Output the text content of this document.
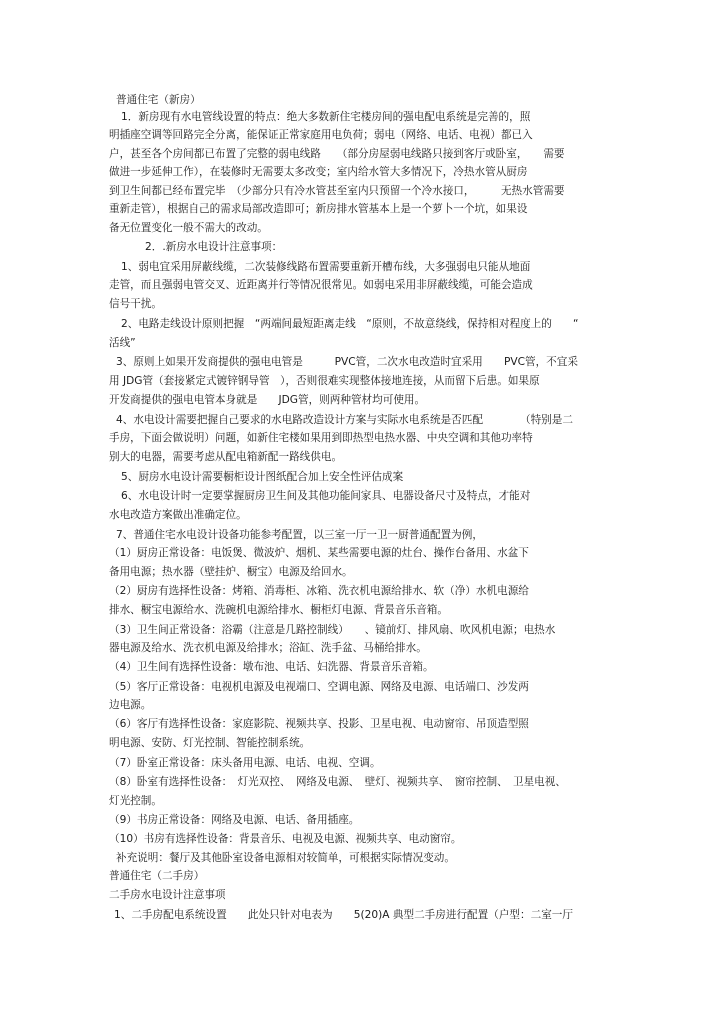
普通住宅（新房）
1．新房现有水电管线设置的特点：绝大多数新住宅楼房间的强电配电系统是完善的，照
明插座空调等回路完全分离，能保证正常家庭用电负荷；弱电（网络、电话、电视）都已入
户，甚至各个房间都已布置了完整的弱电线路　　（部分房屋弱电线路只接到客厅或卧室，　　需要
做进一步延伸工作），在装修时无需要太多改变；室内给水管大多情况下，冷热水管从厨房
到卫生间都已经布置完毕　（少部分只有冷水管甚至室内只预留一个冷水接口，　　　无热水管需要
重新走管），根据自己的需求局部改造即可；新房排水管基本上是一个萝卜一个坑，如果设
备无位置变化一般不需大的改动。
2．.新房水电设计注意事项：
1、弱电宜采用屏蔽线缆，二次装修线路布置需要重新开槽布线，大多强弱电只能从地面
走管，而且强弱电管交叉、近距离并行等情况很常见。如弱电采用非屏蔽线缆，可能会造成
信号干扰。
2、电路走线设计原则把握　“两端间最短距离走线　“原则，不故意绕线，保持相对程度上的　　“
活线”
3、原则上如果开发商提供的强电电管是　　　PVC管，二次水电改造时宜采用　　PVC管，不宜采
用 JDG管（套接紧定式镀锌钢导管　），否则很难实现整体接地连接，从而留下后患。如果原
开发商提供的强电电管本身就是　　JDG管，则两种管材均可使用。
4、水电设计需要把握自己要求的水电路改造设计方案与实际水电系统是否匹配　　　　（特别是二
手房，下面会做说明）问题，如新住宅楼如果用到即热型电热水器、中央空调和其他功率特
别大的电器，需要考虑从配电箱新配一路线供电。
5、厨房水电设计需要橱柜设计图纸配合加上安全性评估成案
6、水电设计时一定要掌握厨房卫生间及其他功能间家具、电器设备尺寸及特点，才能对
水电改造方案做出准确定位。
7、普通住宅水电设计设备功能参考配置，以三室一厅一卫一厨普通配置为例，
（1）厨房正常设备：电饭煲、微波炉、烟机、某些需要电源的灶台、操作台备用、水盆下
备用电源；热水器（壁挂炉、橱宝）电源及给回水。
（2）厨房有选择性设备：烤箱、消毒柜、冰箱、洗衣机电源给排水、软（净）水机电源给
排水、橱宝电源给水、洗碗机电源给排水、橱柜灯电源、背景音乐音箱。
（3）卫生间正常设备：浴霸（注意是几路控制线）　　、镜前灯、排风扇、吹风机电源；电热水
器电源及给水、洗衣机电源及给排水；浴缸、洗手盆、马桶给排水。
（4）卫生间有选择性设备：墩布池、电话、妇洗器、背景音乐音箱。
（5）客厅正常设备：电视机电源及电视端口、空调电源、网络及电源、电话端口、沙发两
边电源。
（6）客厅有选择性设备：家庭影院、视频共享、投影、卫星电视、电动窗帘、吊顶造型照
明电源、安防、灯光控制、智能控制系统。
（7）卧室正常设备：床头备用电源、电话、电视、空调。
（8）卧室有选择性设备：　灯光双控、　网络及电源、　壁灯、视频共享、　窗帘控制、　卫星电视、
灯光控制。
（9）书房正常设备：网络及电源、电话、备用插座。
（10）书房有选择性设备：背景音乐、电视及电源、视频共享、电动窗帘。
补充说明：餐厅及其他卧室设备电源相对较简单，可根据实际情况变动。
普通住宅（二手房）
二手房水电设计注意事项
1、二手房配电系统设置　　此处只针对电表为　　5(20)A 典型二手房进行配置（户型：二室一厅
